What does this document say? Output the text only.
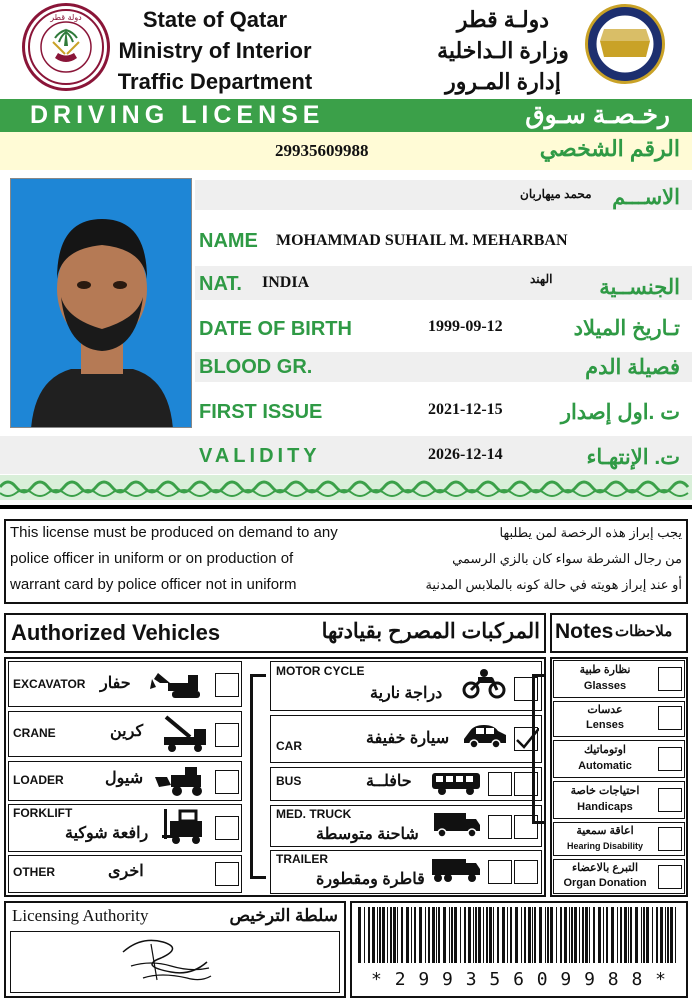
دولة قطر	State of Qatar
Ministry of Interior
Traffic Department
دولـة قطر
وزارة الـداخلية
إدارة المـرور
DRIVING LICENSE	رخـصـة سـوق
29935609988	الرقم الشخصي
محمد ميهاربان الاســـم
NAME MOHAMMAD SUHAIL M. MEHARBAN
NAT. INDIA	الهند	الجنســية
DATE OF BIRTH	1999-09-12	تـاريخ الميلاد
BLOOD GR.	فصيلة الدم
FIRST ISSUE	2021-12-15	ت .اول إصدار
VALIDITY	2026-12-14	ت. الإنتهـاء
This license must be produced on demand to any
police officer in uniform or on production of
warrant card by police officer not in uniform
يجب إبراز هذه الرخصة لمن يطلبها
من رجال الشرطة سواء كان بالزي الرسمي
أو عند إبراز هويته في حالة كونه بالملابس المدنية
Authorized Vehicles	المركبات المصرح بقيادتها Notes ملاحظات
EXCAVATOR حفار
CRANE	كرين
LOADER	شيول
FORKLIFT
رافعة شوكية
OTHER	اخرى
MOTOR CYCLE
دراجة نارية
CAR	سيارة خفيفة
BUS	حافلــة
MED. TRUCK
شاحنة متوسطة
TRAILER
قاطرة ومقطورة
نظارة طبية
Glasses
عدسات
Lenses
اوتوماتيك
Automatic
احتياجات خاصة
Handicaps
اعاقة سمعية
Hearing Disability
التبرع بالاعضاء
Organ Donation
Licensing Authority	سلطة الترخيص
* 2 9 9 3 5 6 0 9 9 8 8 *
